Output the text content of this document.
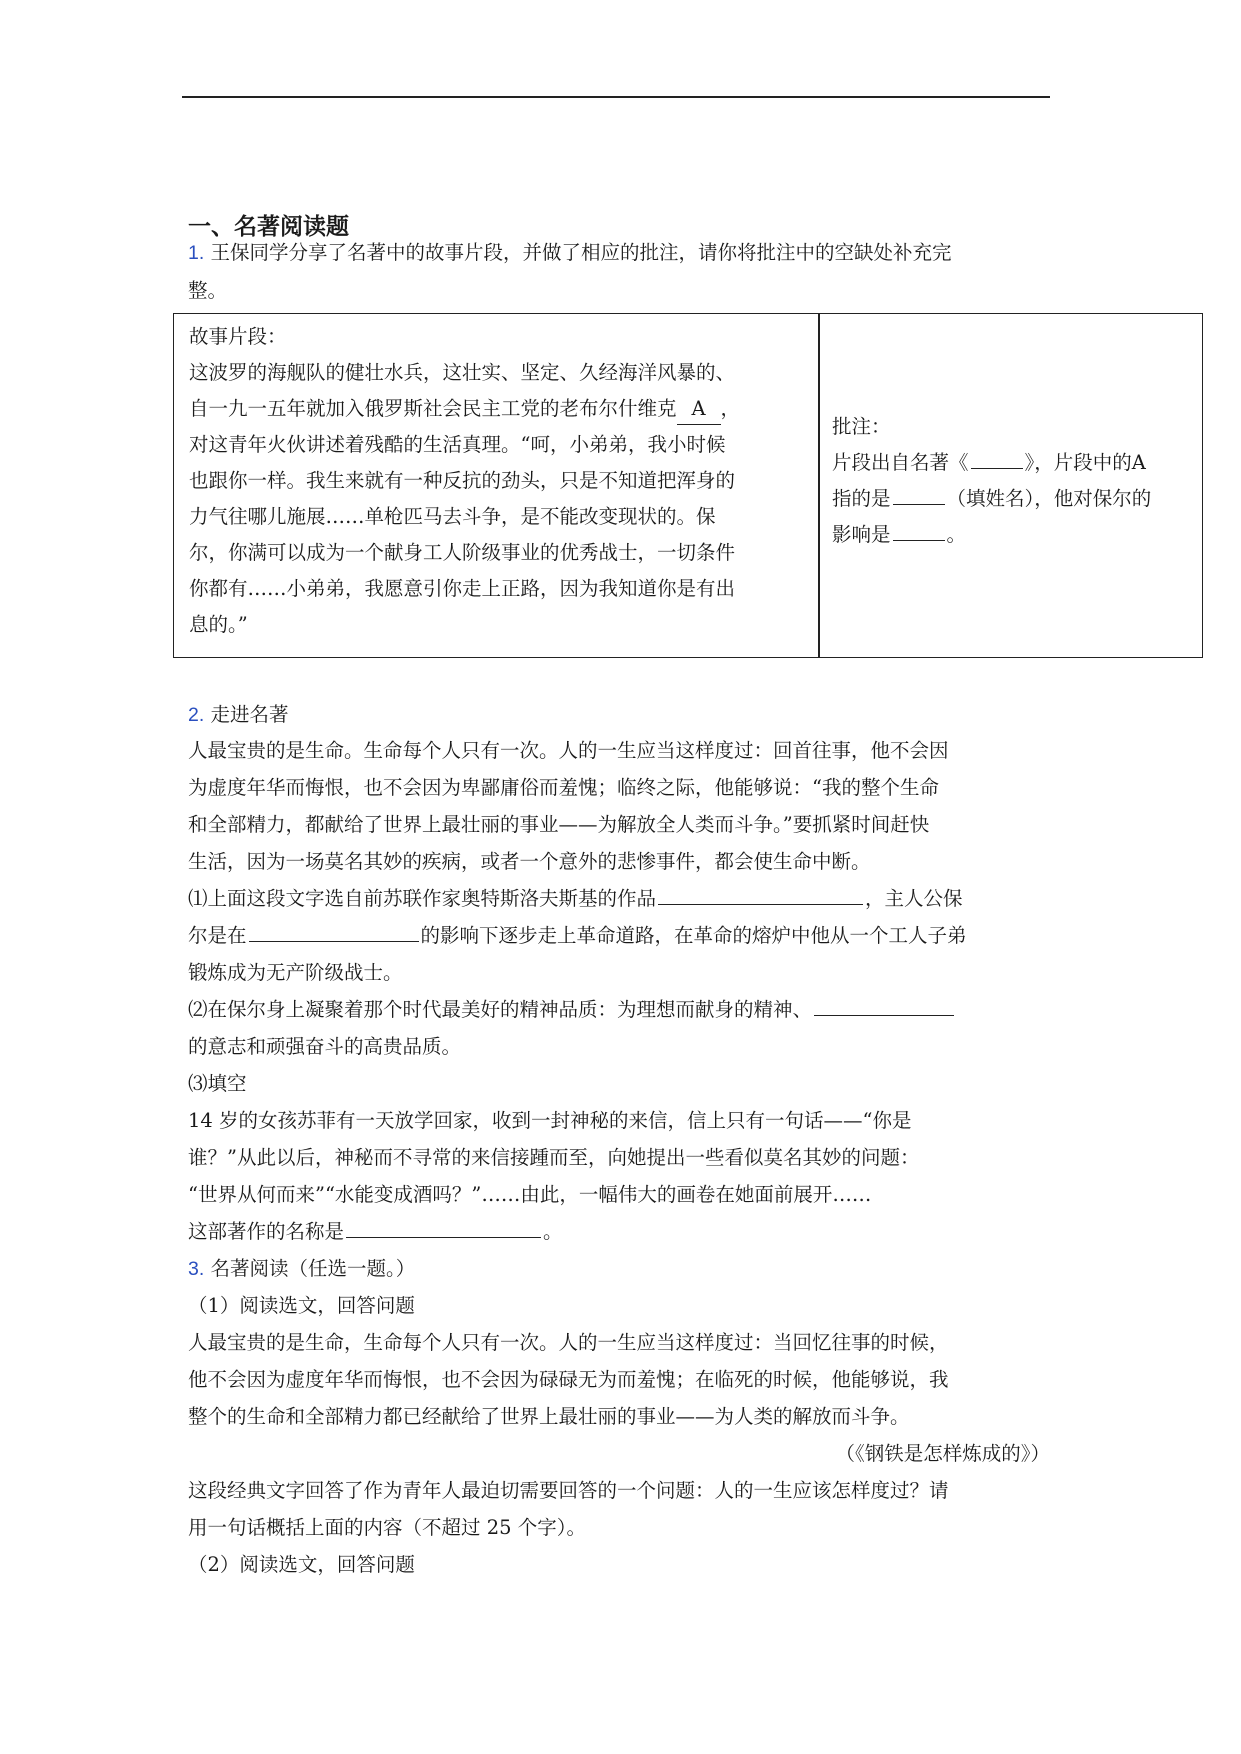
一、名著阅读题
1. 王保同学分享了名著中的故事片段，并做了相应的批注，请你将批注中的空缺处补充完
整。
故事片段：
这波罗的海舰队的健壮水兵，这壮实、坚定、久经海洋风暴的、
自一九一五年就加入俄罗斯社会民主工党的老布尔什维克 A ，
对这青年火伙讲述着残酷的生活真理。“呵，小弟弟，我小时候
也跟你一样。我生来就有一种反抗的劲头，只是不知道把浑身的
力气往哪儿施展……单枪匹马去斗争，是不能改变现状的。保
尔，你满可以成为一个献身工人阶级事业的优秀战士，一切条件
你都有……小弟弟，我愿意引你走上正路，因为我知道你是有出
息的。”
批注：
片段出自名著《	》，片段中的A
指的是	（填姓名），他对保尔的
影响是	。
2. 走进名著
人最宝贵的是生命。生命每个人只有一次。人的一生应当这样度过：回首往事，他不会因
为虚度年华而悔恨，也不会因为卑鄙庸俗而羞愧；临终之际，他能够说：“我的整个生命
和全部精力，都献给了世界上最壮丽的事业——为解放全人类而斗争。”要抓紧时间赶快
生活，因为一场莫名其妙的疾病，或者一个意外的悲惨事件，都会使生命中断。
⑴上面这段文字选自前苏联作家奥特斯洛夫斯基的作品	，主人公保
尔是在	的影响下逐步走上革命道路，在革命的熔炉中他从一个工人子弟
锻炼成为无产阶级战士。
⑵在保尔身上凝聚着那个时代最美好的精神品质：为理想而献身的精神、
的意志和顽强奋斗的高贵品质。
⑶填空
14 岁的女孩苏菲有一天放学回家，收到一封神秘的来信，信上只有一句话——“你是
谁？”从此以后，神秘而不寻常的来信接踵而至，向她提出一些看似莫名其妙的问题：
“世界从何而来”“水能变成酒吗？”……由此，一幅伟大的画卷在她面前展开……
这部著作的名称是	。
3. 名著阅读（任选一题。）
（1）阅读选文，回答问题
人最宝贵的是生命，生命每个人只有一次。人的一生应当这样度过：当回忆往事的时候，
他不会因为虚度年华而悔恨，也不会因为碌碌无为而羞愧；在临死的时候，他能够说，我
整个的生命和全部精力都已经献给了世界上最壮丽的事业——为人类的解放而斗争。
（《钢铁是怎样炼成的》）
这段经典文字回答了作为青年人最迫切需要回答的一个问题：人的一生应该怎样度过？请
用一句话概括上面的内容（不超过 25 个字）。
（2）阅读选文，回答问题
